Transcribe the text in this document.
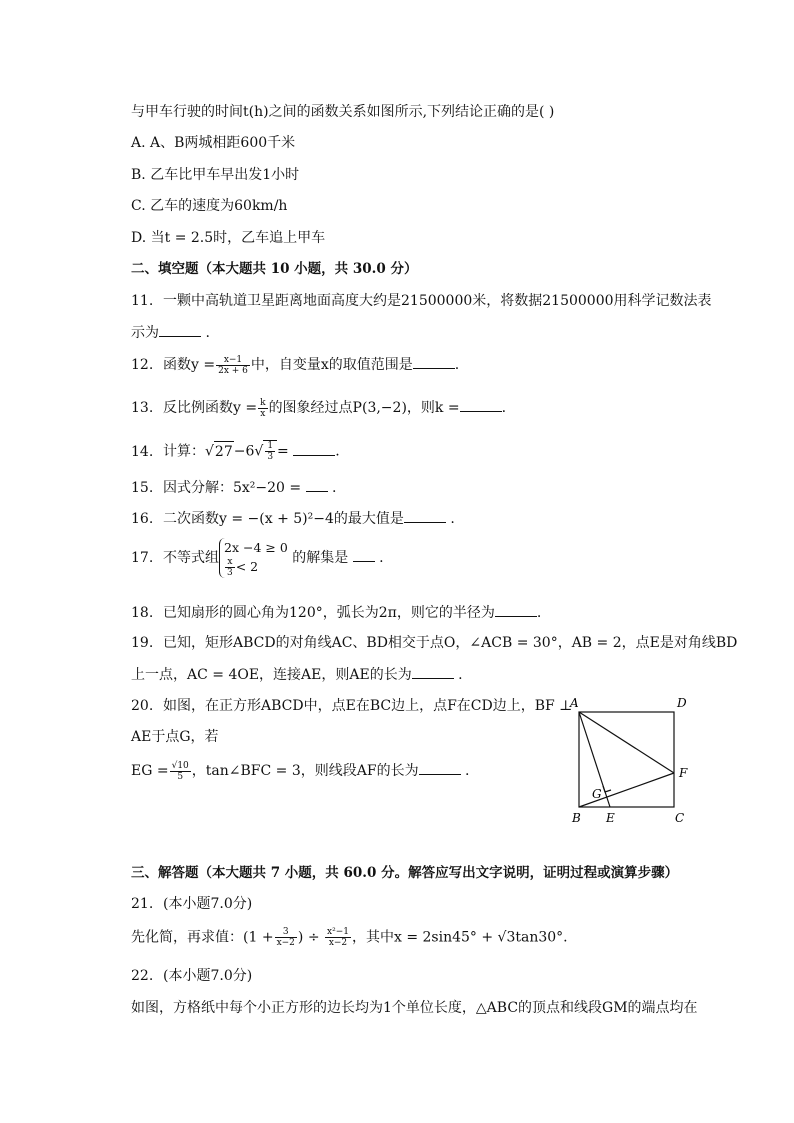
与甲车行驶的时间t(h)之间的函数关系如图所示,下列结论正确的是( )
A. A、B两城相距600千米
B. 乙车比甲车早出发1小时
C. 乙车的速度为60km/h
D. 当t = 2.5时，乙车追上甲车
二、填空题（本大题共 10 小题，共 30.0 分）
11. 一颗中高轨道卫星距离地面高度大约是21500000米，将数据21500000用科学记数法表
示为	.
12. 函数$y = \frac{x-1}{2x + 6}$ 中，自变量x的取值范围是	.
13. 反比例函数$y = \frac{k}{x}$ 的图象经过点P(3,−2)，则k =	.
14. 计算：$√27-6√ \frac{1}{3}$ =	.
15. 因式分解：5x²−20 = .
16. 二次函数y = −(x + 5)²−4的最大值是	.
17. 不等式组2x −4 ≥ 0

$\frac{x}{3} < 2$ 的解集是 .
18. 已知扇形的圆心角为120°，弧长为2π，则它的半径为	.
19. 已知，矩形ABCD的对角线AC、BD相交于点O，∠ACB = 30°，AB = 2，点E是对角线BD
上一点，AC = 4OE，连接AE，则AE的长为	.
20. 如图，在正方形ABCD中，点E在BC边上，点F在CD边上，BF ⊥
AE于点G，若
EG = $\frac{√10}{5}$ ，tan∠BFC = 3，则线段AF的长为	.
A	D
F
G
B E	C
三、解答题（本大题共 7 小题，共 60.0 分。解答应写出文字说明，证明过程或演算步骤）
21. (本小题7.0分)
先化简，再求值：($1 + \frac{3}{x-2}$ ) ÷ $\frac{\text{x²−1}}{x-2}$ ，其中x = 2sin45° + √3tan30°.
22. (本小题7.0分)
如图，方格纸中每个小正方形的边长均为1个单位长度，△ABC的顶点和线段GM的端点均在
